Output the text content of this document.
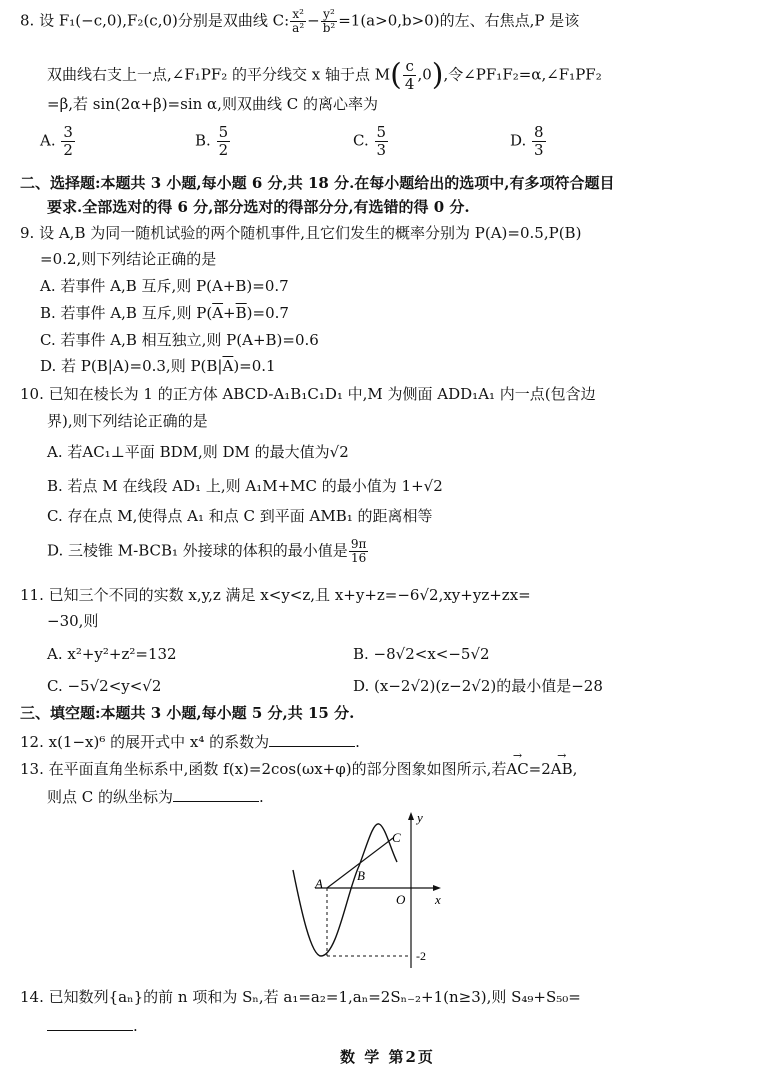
8. 设 F₁(−c,0),F₂(c,0)分别是双曲线 C: $\frac{\text{x²}}{\text{a²}} - \frac{\text{y²}}{\text{b²}} =1(a>0,b>0)$的左、右焦点,P 是该
双曲线右支上一点,∠F₁PF₂ 的平分线交 x 轴于点 $M( \frac{c}{4} ,0)$,令∠PF₁F₂=α,∠F₁PF₂
=β,若 sin(2α+β)=sin α,则双曲线 C 的离心率为
A. $\frac{3}{2}$	B. $\frac{5}{2}$	C. $\frac{5}{3}$	D. $\frac{8}{3}$
二、选择题:本题共 3 小题,每小题 6 分,共 18 分.在每小题给出的选项中,有多项符合题目
要求.全部选对的得 6 分,部分选对的得部分分,有选错的得 0 分.
9. 设 A,B 为同一随机试验的两个随机事件,且它们发生的概率分别为 P(A)=0.5,P(B)
=0.2,则下列结论正确的是
A. 若事件 A,B 互斥,则 P(A+B)=0.7
B. 若事件 A,B 互斥,则 $P(\overline{A}+\overline{B})=0.7$
C. 若事件 A,B 相互独立,则 P(A+B)=0.6
D. 若 P(B|A)=0.3,则 $P(B|\overline{A})=0.1$
10. 已知在棱长为 1 的正方体 ABCD-A₁B₁C₁D₁ 中,M 为侧面 ADD₁A₁ 内一点(包含边
界),则下列结论正确的是
A. 若AC₁⊥平面 BDM,则 DM 的最大值为√2
B. 若点 M 在线段 AD₁ 上,则 A₁M+MC 的最小值为 1+√2
C. 存在点 M,使得点 A₁ 和点 C 到平面 AMB₁ 的距离相等
D. 三棱锥 M-BCB₁ 外接球的体积的最小值是 $\frac{9\pi}{16}$
11. 已知三个不同的实数 x,y,z 满足 x<y<z,且 x+y+z=−6√2,xy+yz+zx=
−30,则
A. x²+y²+z²=132	B. −8√2<x<−5√2
C. −5√2<y<√2	D. (x−2√2)(z−2√2)的最小值是−28
三、填空题:本题共 3 小题,每小题 5 分,共 15 分.
12. x(1−x)⁶ 的展开式中 x⁴ 的系数为	.
13. 在平面直角坐标系中,函数 f(x)=2cos(ωx+φ)的部分图象如图所示,若→ AC=2→ AB,
则点 C 的纵坐标为	.
y
x
O
A
B
C
-2
14. 已知数列{aₙ}的前 n 项和为 Sₙ,若 a₁=a₂=1,aₙ=2Sₙ₋₂+1(n≥3),则 S₄₉+S₅₀=
.
数 学 第2页
